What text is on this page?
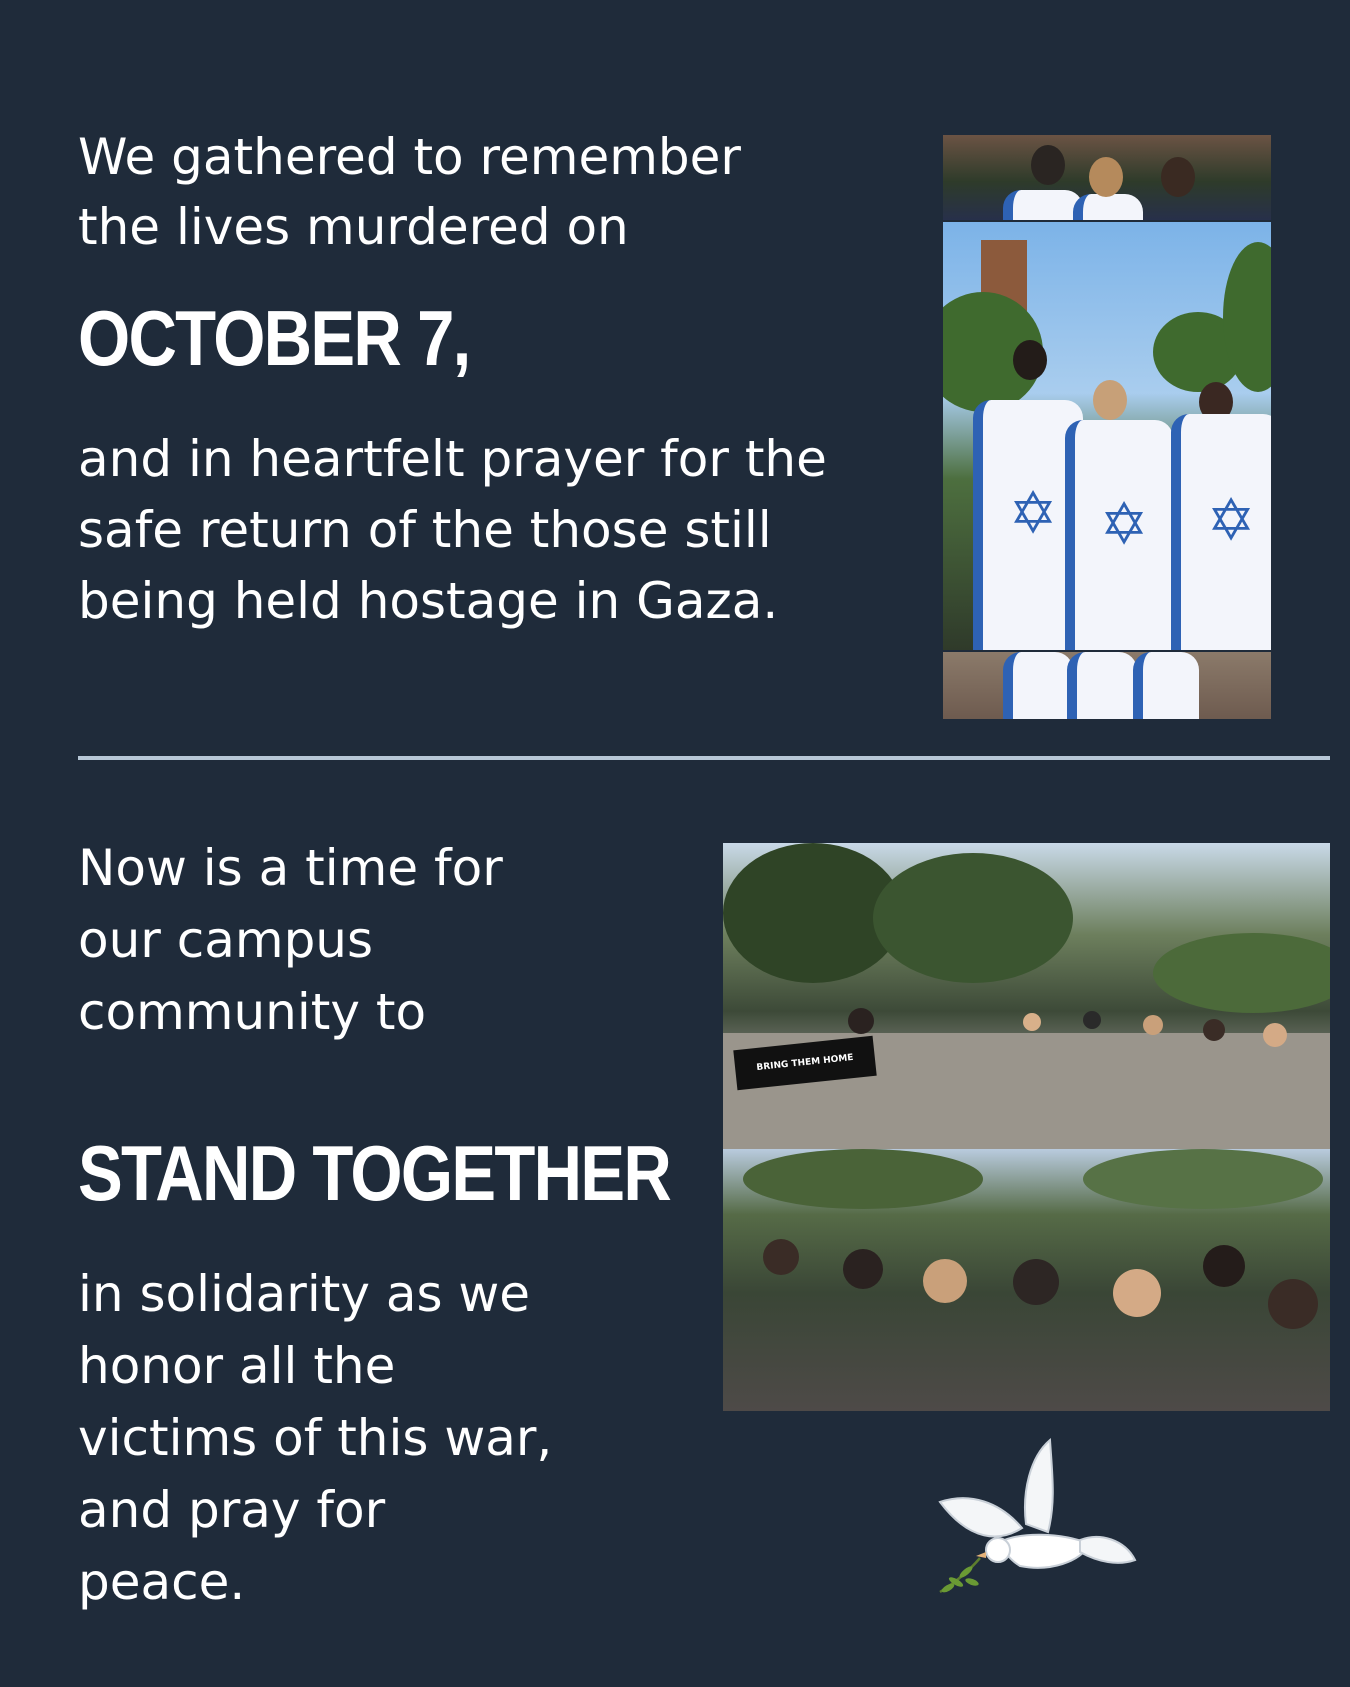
We gathered to remember
the lives murdered on

OCTOBER 7,

and in heartfelt prayer for the
safe return of the those still
being held hostage in Gaza.

✡ ✡ ✡

Now is a time for
our campus
community to

STAND TOGETHER

in solidarity as we
honor all the
victims of this war,
and pray for
peace.

BRING THEM HOME
